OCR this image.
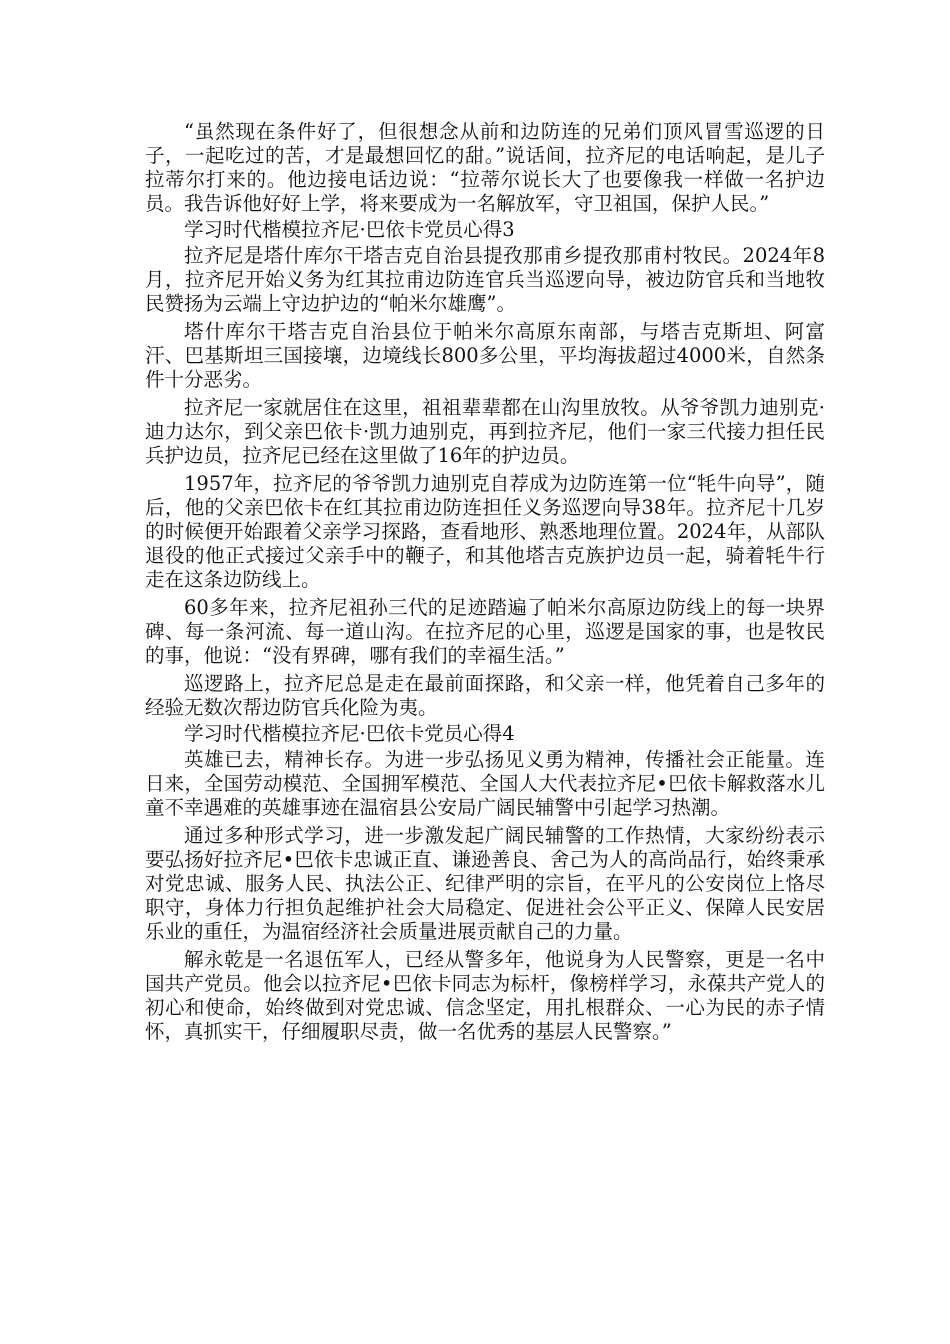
“虽然现在条件好了，但很想念从前和边防连的兄弟们顶风冒雪巡逻的日子，一起吃过的苦，才是最想回忆的甜。”说话间，拉齐尼的电话响起，是儿子拉蒂尔打来的。他边接电话边说：“拉蒂尔说长大了也要像我一样做一名护边员。我告诉他好好上学，将来要成为一名解放军，守卫祖国，保护人民。”

学习时代楷模拉齐尼·巴依卡党员心得3

拉齐尼是塔什库尔干塔吉克自治县提孜那甫乡提孜那甫村牧民。2024年8月，拉齐尼开始义务为红其拉甫边防连官兵当巡逻向导，被边防官兵和当地牧民赞扬为云端上守边护边的“帕米尔雄鹰”。

塔什库尔干塔吉克自治县位于帕米尔高原东南部，与塔吉克斯坦、阿富汗、巴基斯坦三国接壤，边境线长800多公里，平均海拔超过4000米，自然条件十分恶劣。

拉齐尼一家就居住在这里，祖祖辈辈都在山沟里放牧。从爷爷凯力迪别克·迪力达尔，到父亲巴依卡·凯力迪别克，再到拉齐尼，他们一家三代接力担任民兵护边员，拉齐尼已经在这里做了16年的护边员。

1957年，拉齐尼的爷爷凯力迪别克自荐成为边防连第一位“牦牛向导”，随后，他的父亲巴依卡在红其拉甫边防连担任义务巡逻向导38年。拉齐尼十几岁的时候便开始跟着父亲学习探路，查看地形、熟悉地理位置。2024年，从部队退役的他正式接过父亲手中的鞭子，和其他塔吉克族护边员一起，骑着牦牛行走在这条边防线上。

60多年来，拉齐尼祖孙三代的足迹踏遍了帕米尔高原边防线上的每一块界碑、每一条河流、每一道山沟。在拉齐尼的心里，巡逻是国家的事，也是牧民的事，他说：“没有界碑，哪有我们的幸福生活。”

巡逻路上，拉齐尼总是走在最前面探路，和父亲一样，他凭着自己多年的经验无数次帮边防官兵化险为夷。

学习时代楷模拉齐尼·巴依卡党员心得4

英雄已去，精神长存。为进一步弘扬见义勇为精神，传播社会正能量。连日来，全国劳动模范、全国拥军模范、全国人大代表拉齐尼•巴依卡解救落水儿童不幸遇难的英雄事迹在温宿县公安局广阔民辅警中引起学习热潮。

通过多种形式学习，进一步激发起广阔民辅警的工作热情，大家纷纷表示要弘扬好拉齐尼•巴依卡忠诚正直、谦逊善良、舍己为人的高尚品行，始终秉承对党忠诚、服务人民、执法公正、纪律严明的宗旨，在平凡的公安岗位上恪尽职守，身体力行担负起维护社会大局稳定、促进社会公平正义、保障人民安居乐业的重任，为温宿经济社会质量进展贡献自己的力量。

解永乾是一名退伍军人，已经从警多年，他说身为人民警察，更是一名中国共产党员。他会以拉齐尼•巴依卡同志为标杆，像榜样学习，永葆共产党人的初心和使命，始终做到对党忠诚、信念坚定，用扎根群众、一心为民的赤子情怀，真抓实干，仔细履职尽责，做一名优秀的基层人民警察。”
